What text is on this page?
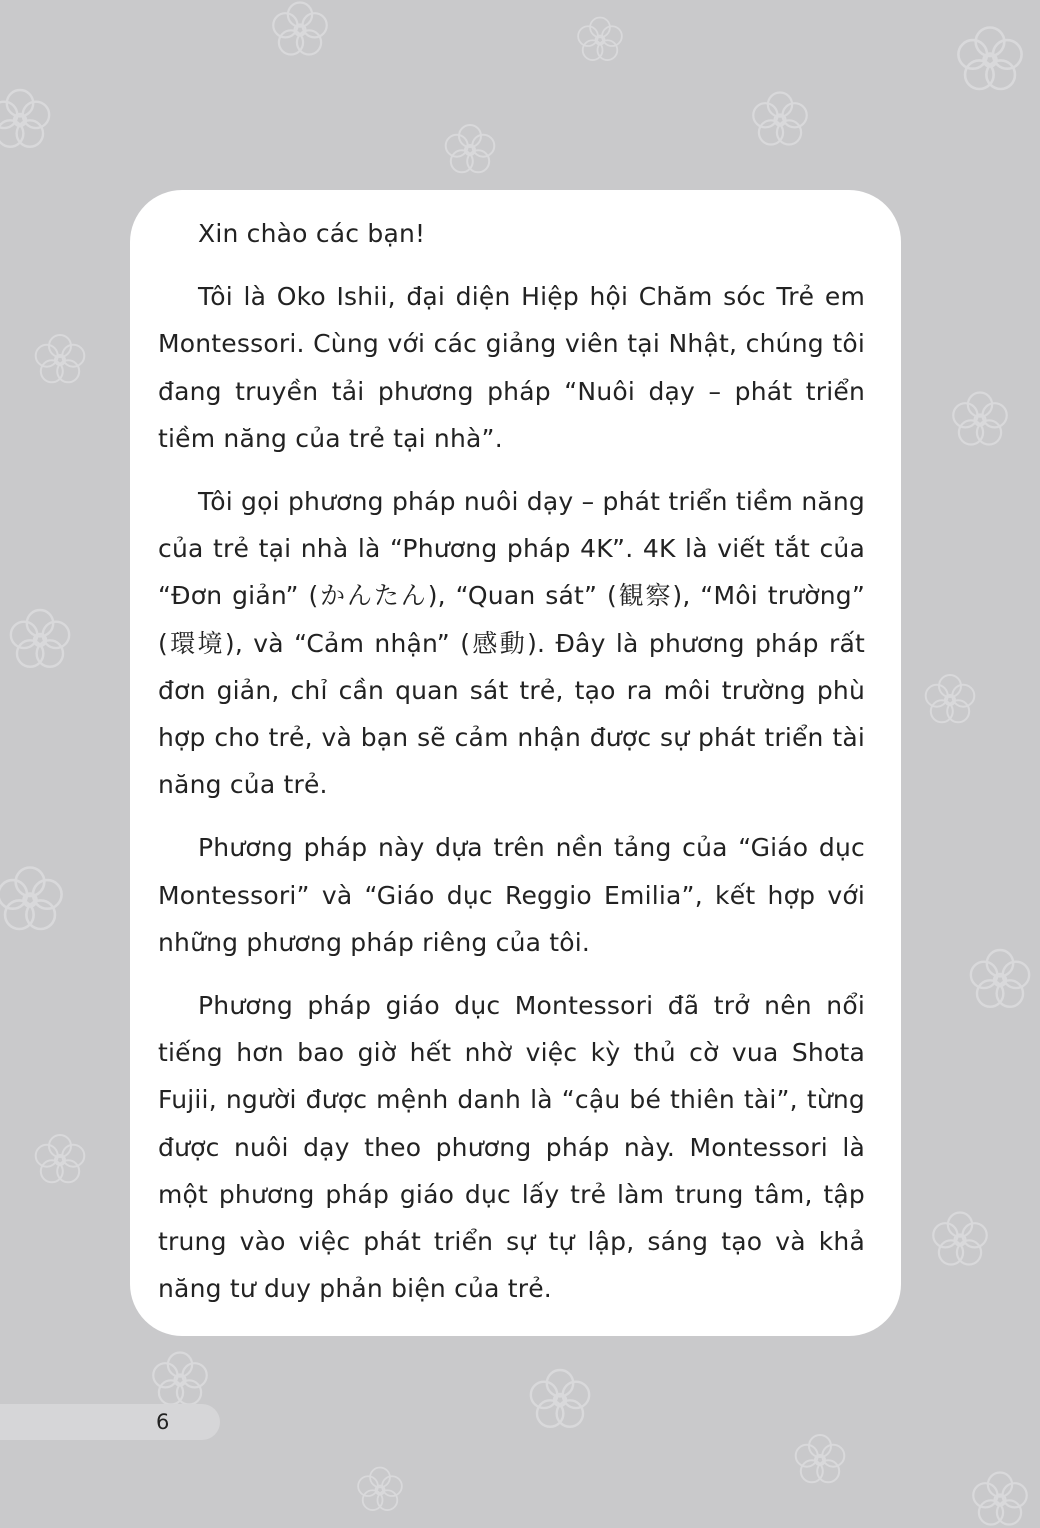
Xin chào các bạn!

Tôi là Oko Ishii, đại diện Hiệp hội Chăm sóc Trẻ em Montessori. Cùng với các giảng viên tại Nhật, chúng tôi đang truyền tải phương pháp “Nuôi dạy – phát triển tiềm năng của trẻ tại nhà”.

Tôi gọi phương pháp nuôi dạy – phát triển tiềm năng của trẻ tại nhà là “Phương pháp 4K”. 4K là viết tắt của “Đơn giản” (かんたん), “Quan sát” (観察), “Môi trường” (環境), và “Cảm nhận” (感動). Đây là phương pháp rất đơn giản, chỉ cần quan sát trẻ, tạo ra môi trường phù hợp cho trẻ, và bạn sẽ cảm nhận được sự phát triển tài năng của trẻ.

Phương pháp này dựa trên nền tảng của “Giáo dục Montessori” và “Giáo dục Reggio Emilia”, kết hợp với những phương pháp riêng của tôi.

Phương pháp giáo dục Montessori đã trở nên nổi tiếng hơn bao giờ hết nhờ việc kỳ thủ cờ vua Shota Fujii, người được mệnh danh là “cậu bé thiên tài”, từng được nuôi dạy theo phương pháp này. Montessori là một phương pháp giáo dục lấy trẻ làm trung tâm, tập trung vào việc phát triển sự tự lập, sáng tạo và khả năng tư duy phản biện của trẻ.

6
